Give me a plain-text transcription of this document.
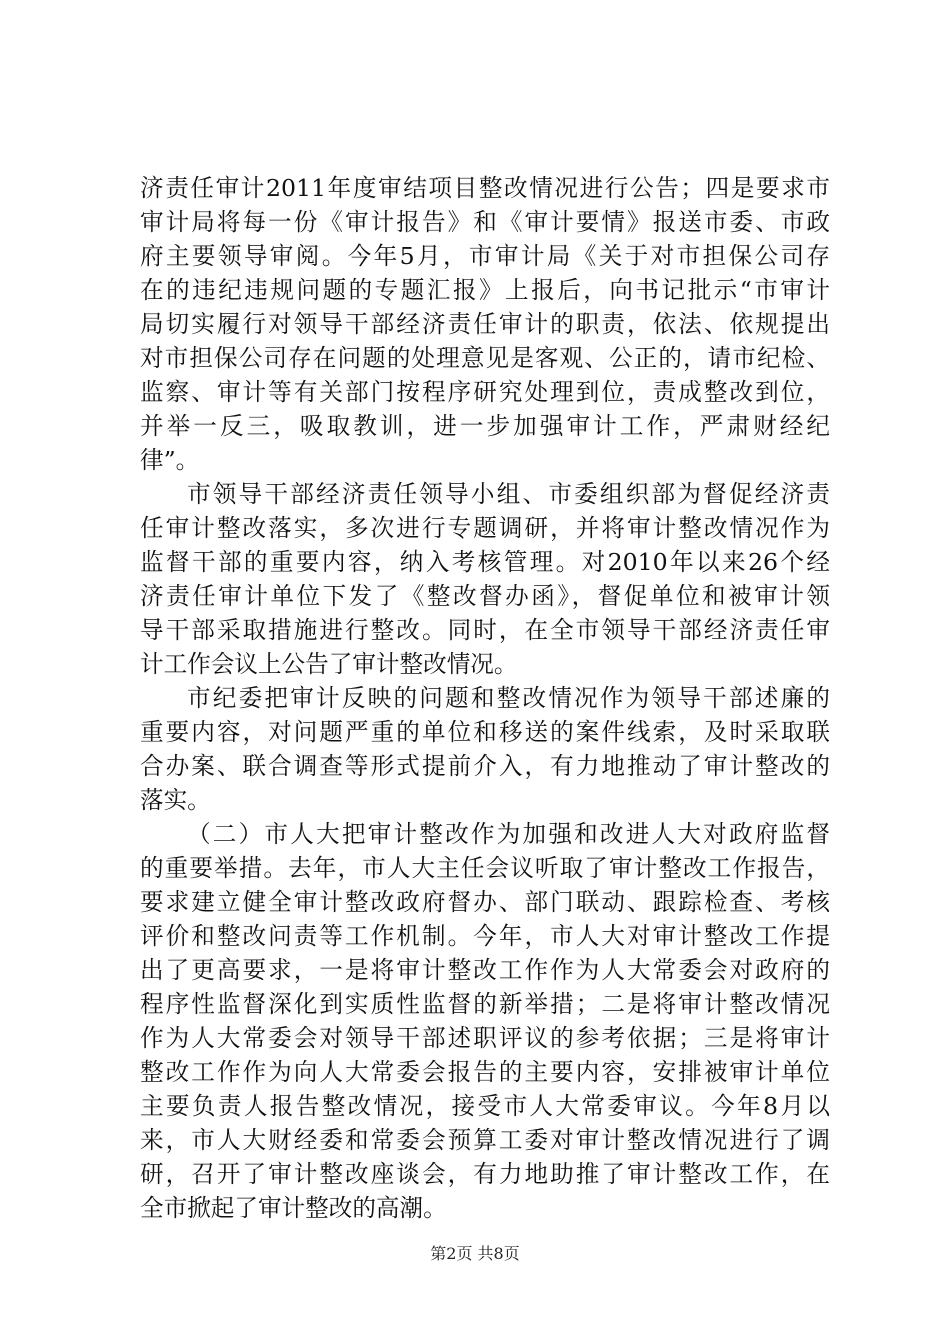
济责任审计2011年度审结项目整改情况进行公告；四是要求市
审计局将每一份《审计报告》和《审计要情》报送市委、市政
府主要领导审阅。今年5月，市审计局《关于对市担保公司存
在的违纪违规问题的专题汇报》上报后，向书记批示“市审计
局切实履行对领导干部经济责任审计的职责，依法、依规提出
对市担保公司存在问题的处理意见是客观、公正的，请市纪检、
监察、审计等有关部门按程序研究处理到位，责成整改到位，
并举一反三，吸取教训，进一步加强审计工作，严肃财经纪
律”。
市领导干部经济责任领导小组、市委组织部为督促经济责
任审计整改落实，多次进行专题调研，并将审计整改情况作为
监督干部的重要内容，纳入考核管理。对2010年以来26个经
济责任审计单位下发了《整改督办函》，督促单位和被审计领
导干部采取措施进行整改。同时，在全市领导干部经济责任审
计工作会议上公告了审计整改情况。
市纪委把审计反映的问题和整改情况作为领导干部述廉的
重要内容，对问题严重的单位和移送的案件线索，及时采取联
合办案、联合调查等形式提前介入，有力地推动了审计整改的
落实。
（二）市人大把审计整改作为加强和改进人大对政府监督
的重要举措。去年，市人大主任会议听取了审计整改工作报告，
要求建立健全审计整改政府督办、部门联动、跟踪检查、考核
评价和整改问责等工作机制。今年，市人大对审计整改工作提
出了更高要求，一是将审计整改工作作为人大常委会对政府的
程序性监督深化到实质性监督的新举措；二是将审计整改情况
作为人大常委会对领导干部述职评议的参考依据；三是将审计
整改工作作为向人大常委会报告的主要内容，安排被审计单位
主要负责人报告整改情况，接受市人大常委审议。今年8月以
来，市人大财经委和常委会预算工委对审计整改情况进行了调
研，召开了审计整改座谈会，有力地助推了审计整改工作，在
全市掀起了审计整改的高潮。
第2页 共8页
